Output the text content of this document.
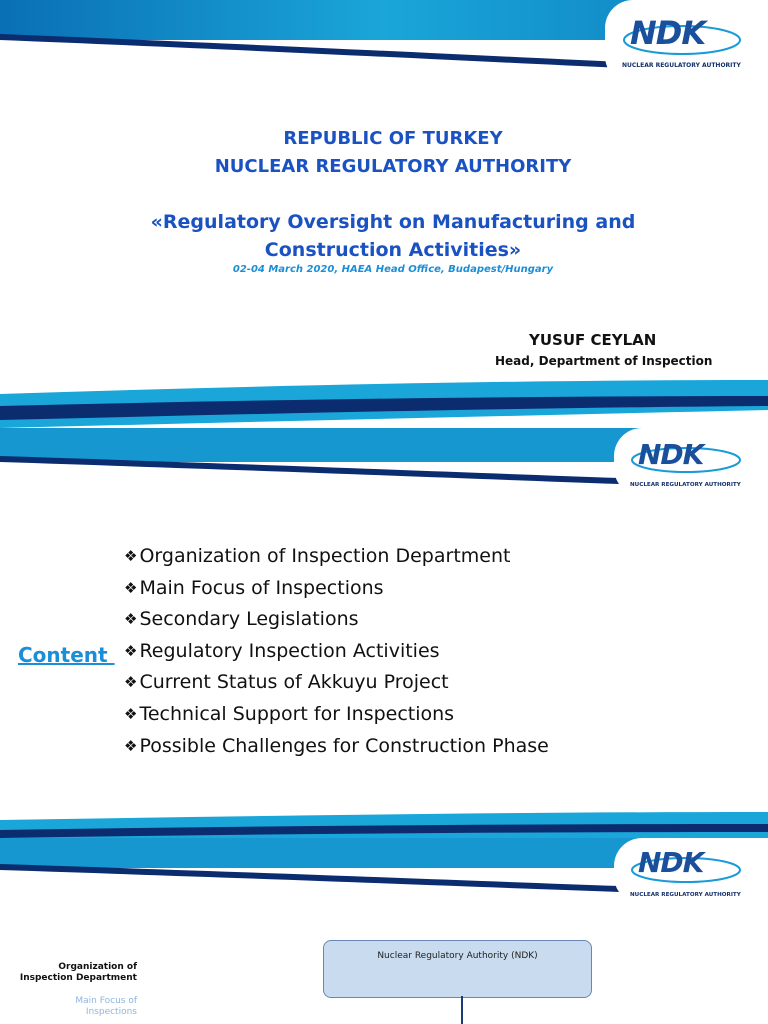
NDK
NUCLEAR REGULATORY AUTHORITY
REPUBLIC OF TURKEY
NUCLEAR REGULATORY AUTHORITY
«Regulatory Oversight on Manufacturing and
Construction Activities»
02-04 March 2020, HAEA Head Office, Budapest/Hungary
YUSUF CEYLAN
Head, Department of Inspection
NDK
NUCLEAR REGULATORY AUTHORITY
Content
❖ Organization of Inspection Department
❖ Main Focus of Inspections
❖ Secondary Legislations
❖ Regulatory Inspection Activities
❖ Current Status of Akkuyu Project
❖ Technical Support for Inspections
❖ Possible Challenges for Construction Phase
NDK
NUCLEAR REGULATORY AUTHORITY
Organization of
Inspection Department
Main Focus of
Inspections
Nuclear Regulatory Authority (NDK)
